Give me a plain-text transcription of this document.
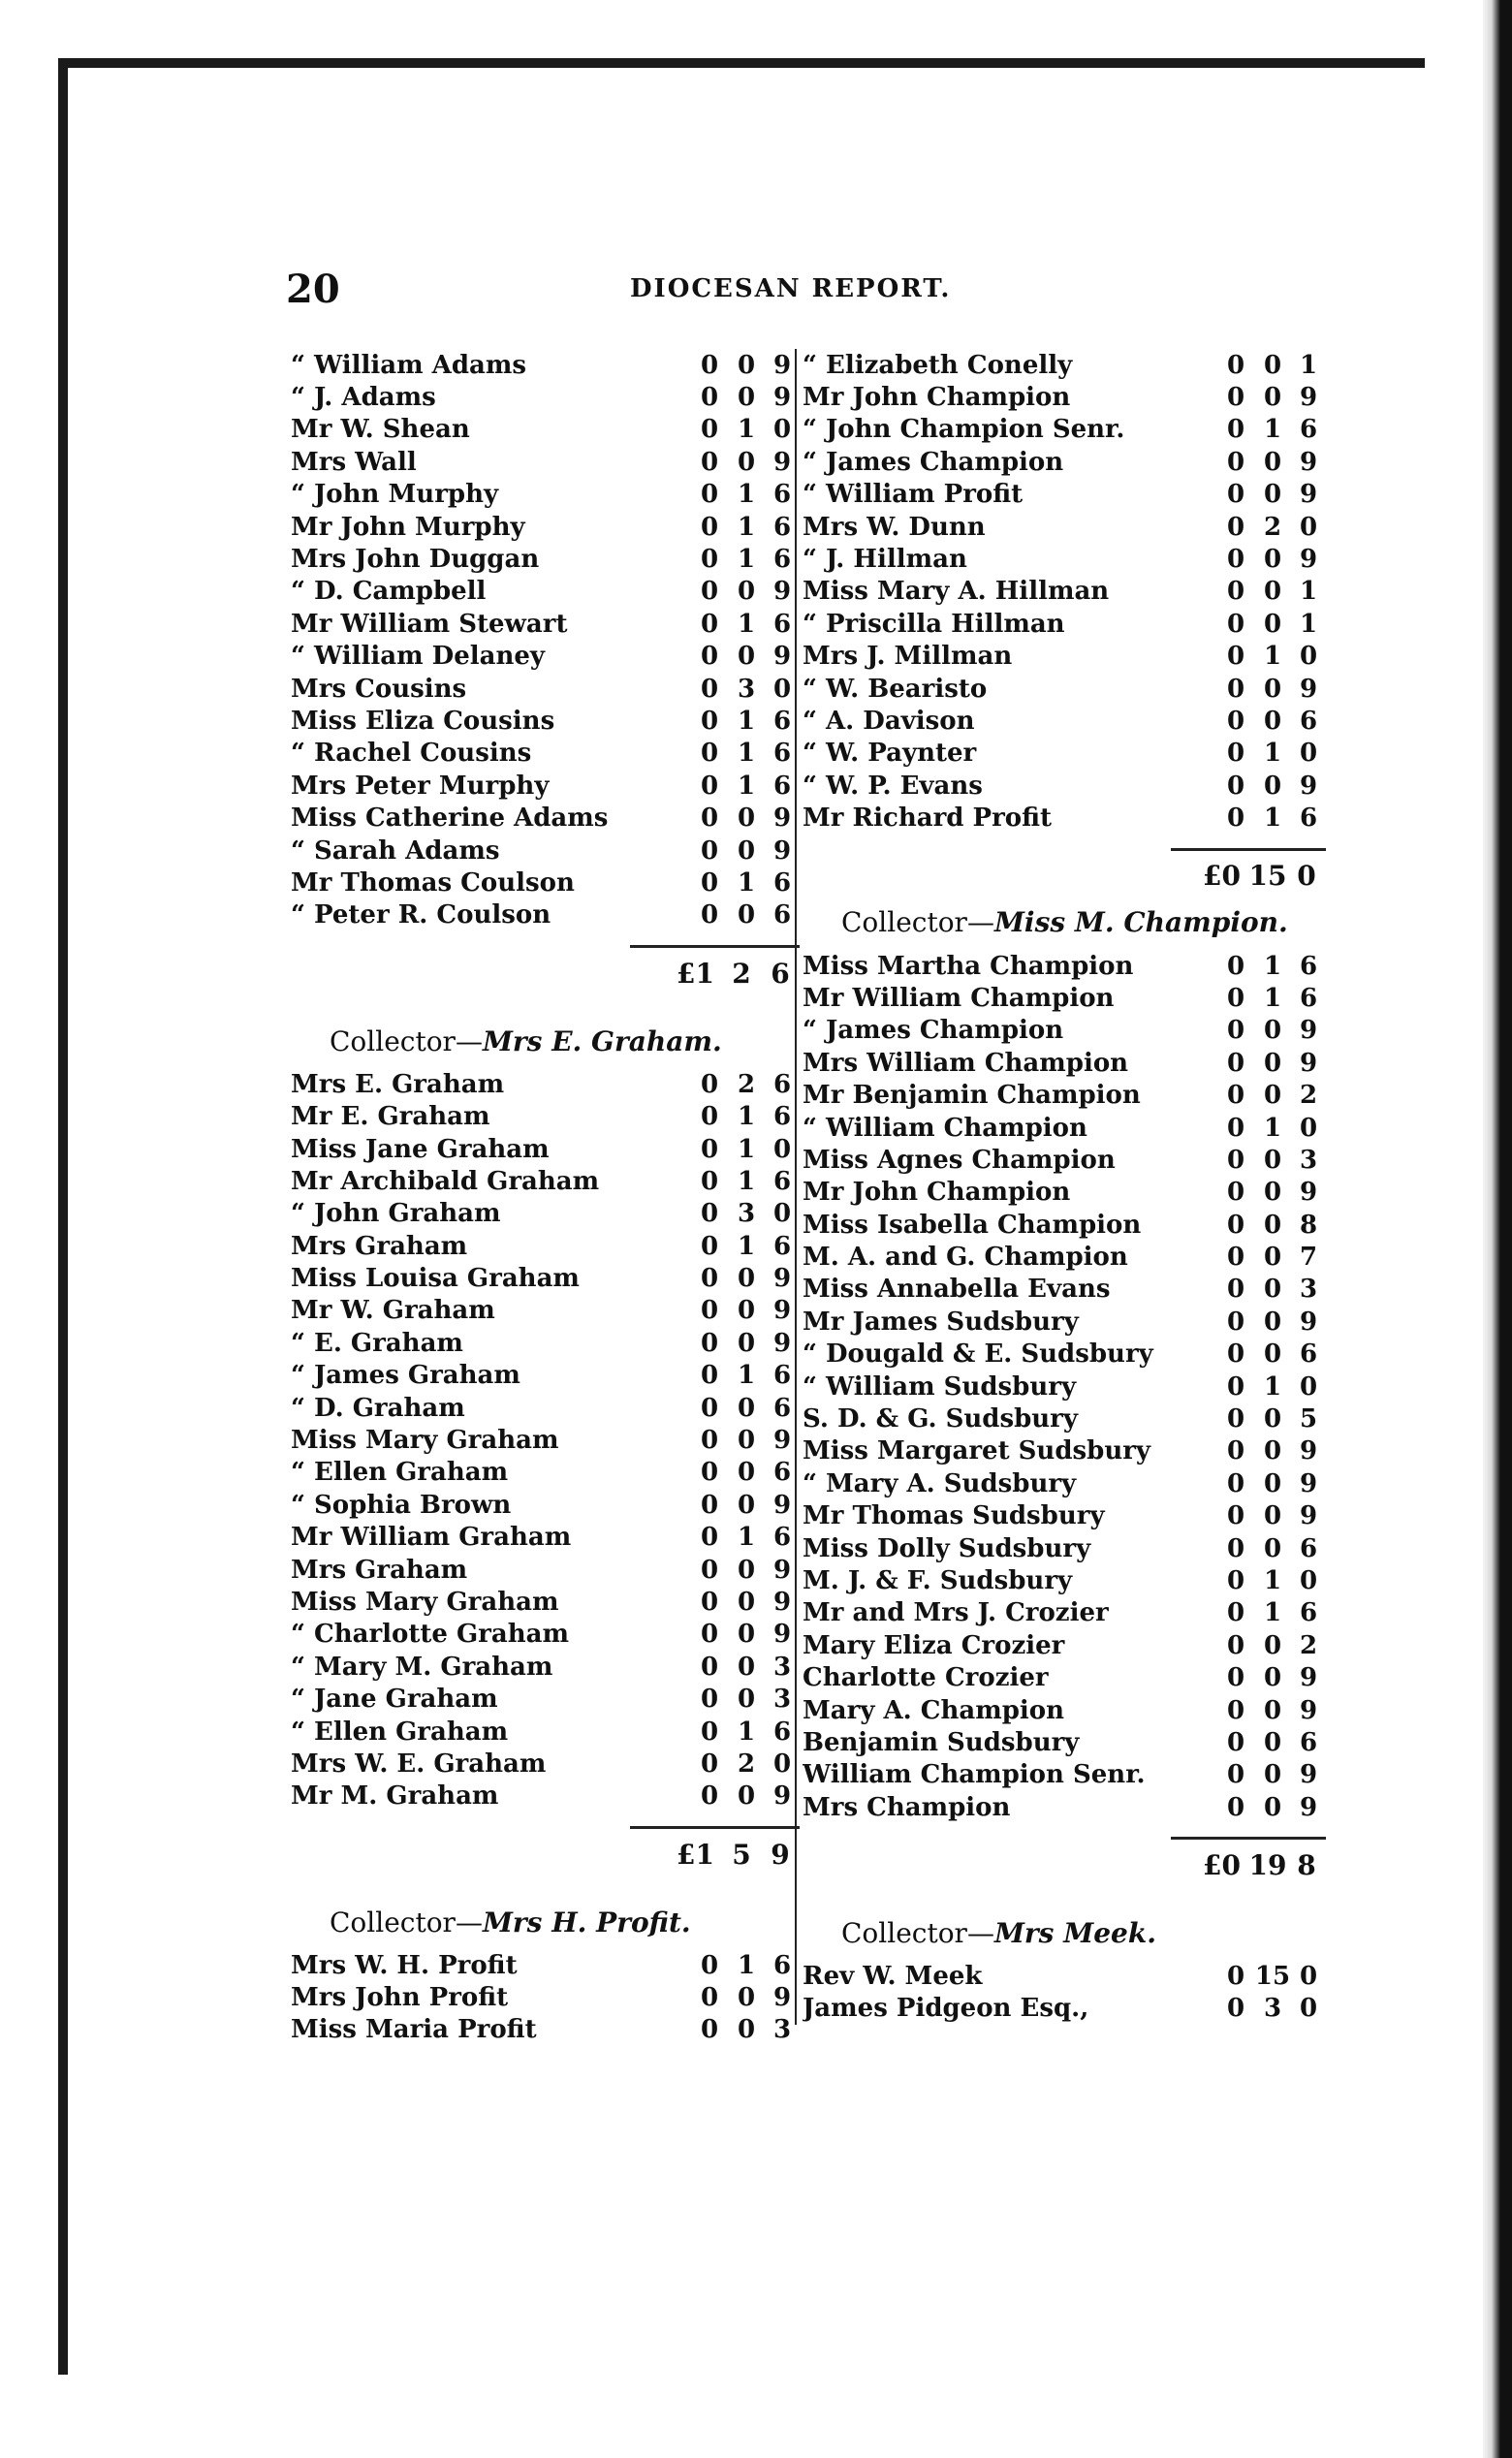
20	DIOCESAN REPORT.
“ William Adams	0 0 9
“ J. Adams	0 0 9
Mr W. Shean	0 1 0
Mrs Wall	0 0 9
“ John Murphy	0 1 6
Mr John Murphy	0 1 6
Mrs John Duggan	0 1 6
“ D. Campbell	0 0 9
Mr William Stewart	0 1 6
“ William Delaney	0 0 9
Mrs Cousins	0 3 0
Miss Eliza Cousins	0 1 6
“ Rachel Cousins	0 1 6
Mrs Peter Murphy	0 1 6
Miss Catherine Adams	0 0 9
“ Sarah Adams	0 0 9
Mr Thomas Coulson	0 1 6
“ Peter R. Coulson	0 0 6
£1 2 6
Collector— Mrs E. Graham.
Mrs E. Graham	0 2 6
Mr E. Graham	0 1 6
Miss Jane Graham	0 1 0
Mr Archibald Graham	0 1 6
“ John Graham	0 3 0
Mrs Graham	0 1 6
Miss Louisa Graham	0 0 9
Mr W. Graham	0 0 9
“ E. Graham	0 0 9
“ James Graham	0 1 6
“ D. Graham	0 0 6
Miss Mary Graham	0 0 9
“ Ellen Graham	0 0 6
“ Sophia Brown	0 0 9
Mr William Graham	0 1 6
Mrs Graham	0 0 9
Miss Mary Graham	0 0 9
“ Charlotte Graham	0 0 9
“ Mary M. Graham	0 0 3
“ Jane Graham	0 0 3
“ Ellen Graham	0 1 6
Mrs W. E. Graham	0 2 0
Mr M. Graham	0 0 9
£1 5 9
Collector— Mrs H. Profit.
Mrs W. H. Profit	0 1 6
Mrs John Profit	0 0 9
Miss Maria Profit	0 0 3
“ Elizabeth Conelly	0 0 1
Mr John Champion	0 0 9
“ John Champion Senr.	0 1 6
“ James Champion	0 0 9
“ William Profit	0 0 9
Mrs W. Dunn	0 2 0
“ J. Hillman	0 0 9
Miss Mary A. Hillman	0 0 1
“ Priscilla Hillman	0 0 1
Mrs J. Millman	0 1 0
“ W. Bearisto	0 0 9
“ A. Davison	0 0 6
“ W. Paynter	0 1 0
“ W. P. Evans	0 0 9
Mr Richard Profit	0 1 6
£0 15 0
Collector— Miss M. Champion.
Miss Martha Champion	0 1 6
Mr William Champion	0 1 6
“ James Champion	0 0 9
Mrs William Champion	0 0 9
Mr Benjamin Champion	0 0 2
“ William Champion	0 1 0
Miss Agnes Champion	0 0 3
Mr John Champion	0 0 9
Miss Isabella Champion	0 0 8
M. A. and G. Champion	0 0 7
Miss Annabella Evans	0 0 3
Mr James Sudsbury	0 0 9
“ Dougald & E. Sudsbury	0 0 6
“ William Sudsbury	0 1 0
S. D. & G. Sudsbury	0 0 5
Miss Margaret Sudsbury	0 0 9
“ Mary A. Sudsbury	0 0 9
Mr Thomas Sudsbury	0 0 9
Miss Dolly Sudsbury	0 0 6
M. J. & F. Sudsbury	0 1 0
Mr and Mrs J. Crozier	0 1 6
Mary Eliza Crozier	0 0 2
Charlotte Crozier	0 0 9
Mary A. Champion	0 0 9
Benjamin Sudsbury	0 0 6
William Champion Senr.	0 0 9
Mrs Champion	0 0 9
£0 19 8
Collector— Mrs Meek.
Rev W. Meek	0 15 0
James Pidgeon Esq.,	0 3 0
